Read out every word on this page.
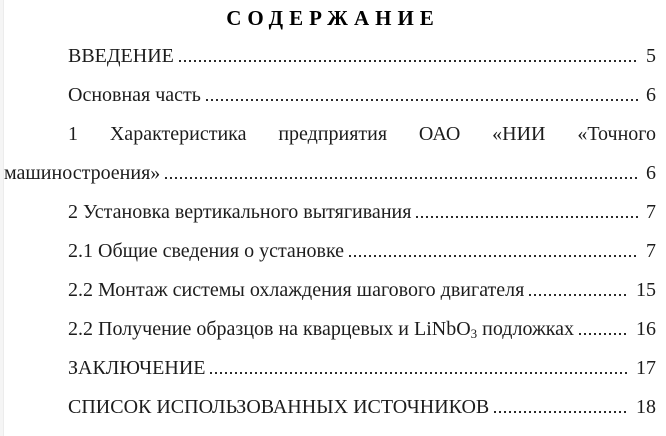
СОДЕРЖАНИЕ
ВВЕДЕНИЕ	5
Основная часть	6
1 Характеристика предприятия ОАО «НИИ «Точного
машиностроения»	6
2 Установка вертикального вытягивания	7
2.1 Общие сведения о установке	7
2.2 Монтаж системы охлаждения шагового двигателя	15
2.2 Получение образцов на кварцевых и LiNbO$_3$ подложках	16
ЗАКЛЮЧЕНИЕ	17
СПИСОК ИСПОЛЬЗОВАННЫХ ИСТОЧНИКОВ	18
